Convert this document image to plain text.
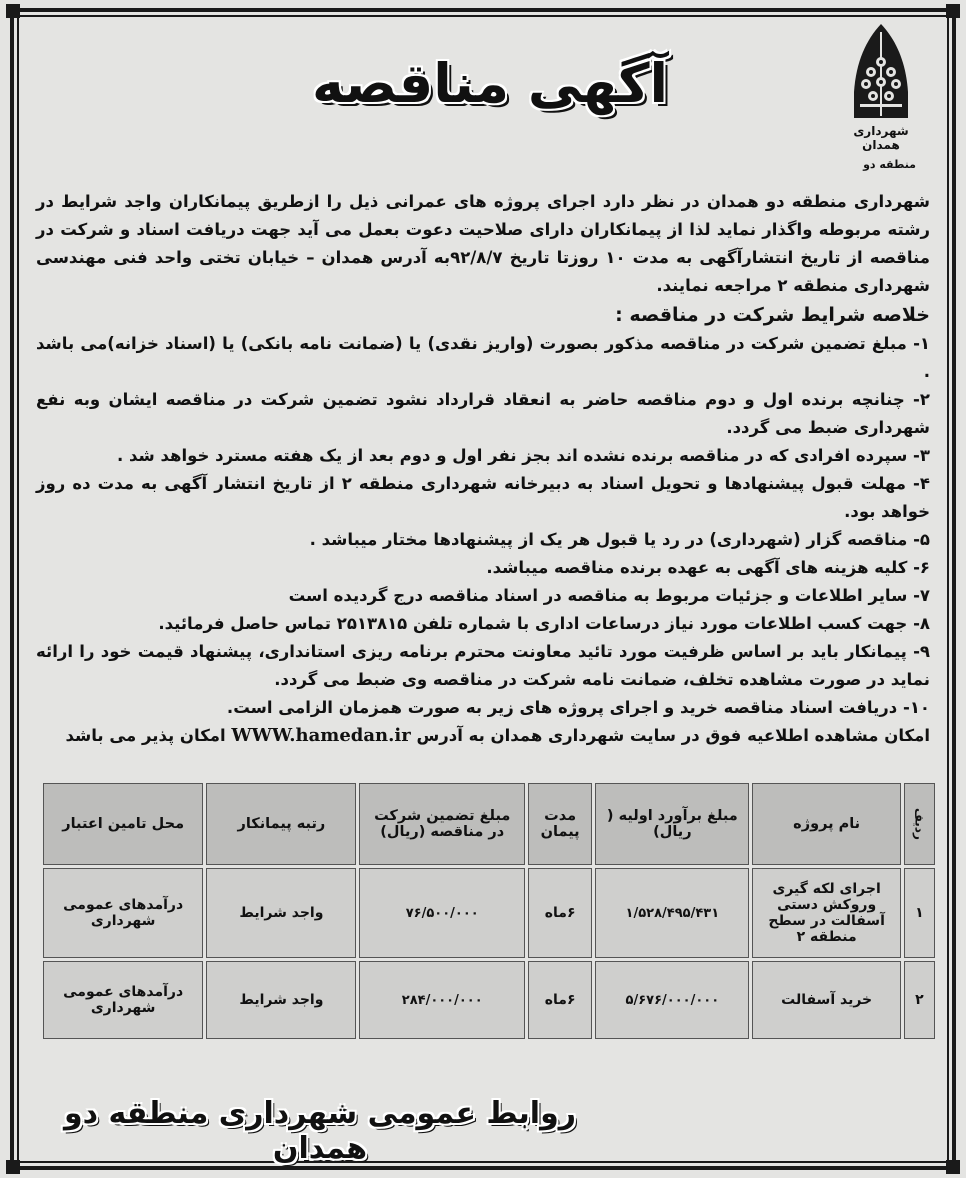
شهرداری همدان
منطقه دو
آگهی مناقصه

شهرداری منطقه دو همدان در نظر دارد اجرای پروژه های عمرانی ذیل را ازطریق پیمانکاران واجد شرایط در رشته مربوطه واگذار نماید لذا از پیمانکاران دارای صلاحیت دعوت بعمل می آید جهت دریافت اسناد و شرکت در مناقصه از تاریخ انتشارآگهی به مدت ۱۰ روزتا تاریخ ۹۲/۸/۷به آدرس همدان – خیابان تختی واحد فنی مهندسی شهرداری منطقه ۲ مراجعه نمایند.

خلاصه شرایط شرکت در مناقصه :

۱- مبلغ تضمین شرکت در مناقصه مذکور بصورت (واریز نقدی) یا (ضمانت نامه بانکی) یا (اسناد خزانه)می باشد .

۲- چنانچه برنده اول و دوم مناقصه حاضر به انعقاد قرارداد نشود تضمین شرکت در مناقصه ایشان وبه نفع شهرداری ضبط می گردد.

۳- سپرده افرادی که در مناقصه برنده نشده اند بجز نفر اول و دوم بعد از یک هفته مسترد خواهد شد .

۴- مهلت قبول پیشنهادها و تحویل اسناد به دبیرخانه شهرداری منطقه ۲ از تاریخ انتشار آگهی به مدت ده روز خواهد بود.

۵- مناقصه گزار (شهرداری) در رد یا قبول هر یک از پیشنهادها مختار میباشد .

۶- کلیه هزینه های آگهی به عهده برنده مناقصه میباشد.

۷- سایر اطلاعات و جزئیات مربوط به مناقصه در اسناد مناقصه درج گردیده است

۸- جهت کسب اطلاعات مورد نیاز درساعات اداری با شماره تلفن ۲۵۱۳۸۱۵ تماس حاصل فرمائید.

۹- پیمانکار باید بر اساس ظرفیت مورد تائید معاونت محترم برنامه ریزی استانداری، پیشنهاد قیمت خود را ارائه نماید در صورت مشاهده تخلف، ضمانت نامه شرکت در مناقصه وی ضبط می گردد.

۱۰- دریافت اسناد مناقصه خرید و اجرای پروژه های زیر به صورت همزمان الزامی است.

امکان مشاهده اطلاعیه فوق در سایت شهرداری همدان به آدرس WWW.hamedan.ir امکان پذیر می باشد

ردیف	نام پروژه	مبلغ برآورد اولیه ( ریال)	مدت پیمان	مبلغ تضمین شرکت در مناقصه (ریال)	رتبه پیمانکار	محل تامین اعتبار
۱	اجرای لکه گیری وروکش دستی آسفالت در سطح منطقه ۲	۱/۵۲۸/۴۹۵/۴۳۱	۶ماه	۷۶/۵۰۰/۰۰۰	واجد شرایط	درآمدهای عمومی شهرداری
۲	خرید آسفالت	۵/۶۷۶/۰۰۰/۰۰۰	۶ماه	۲۸۴/۰۰۰/۰۰۰	واجد شرایط	درآمدهای عمومی شهرداری
روابط عمومی شهرداری منطقه دو همدان
